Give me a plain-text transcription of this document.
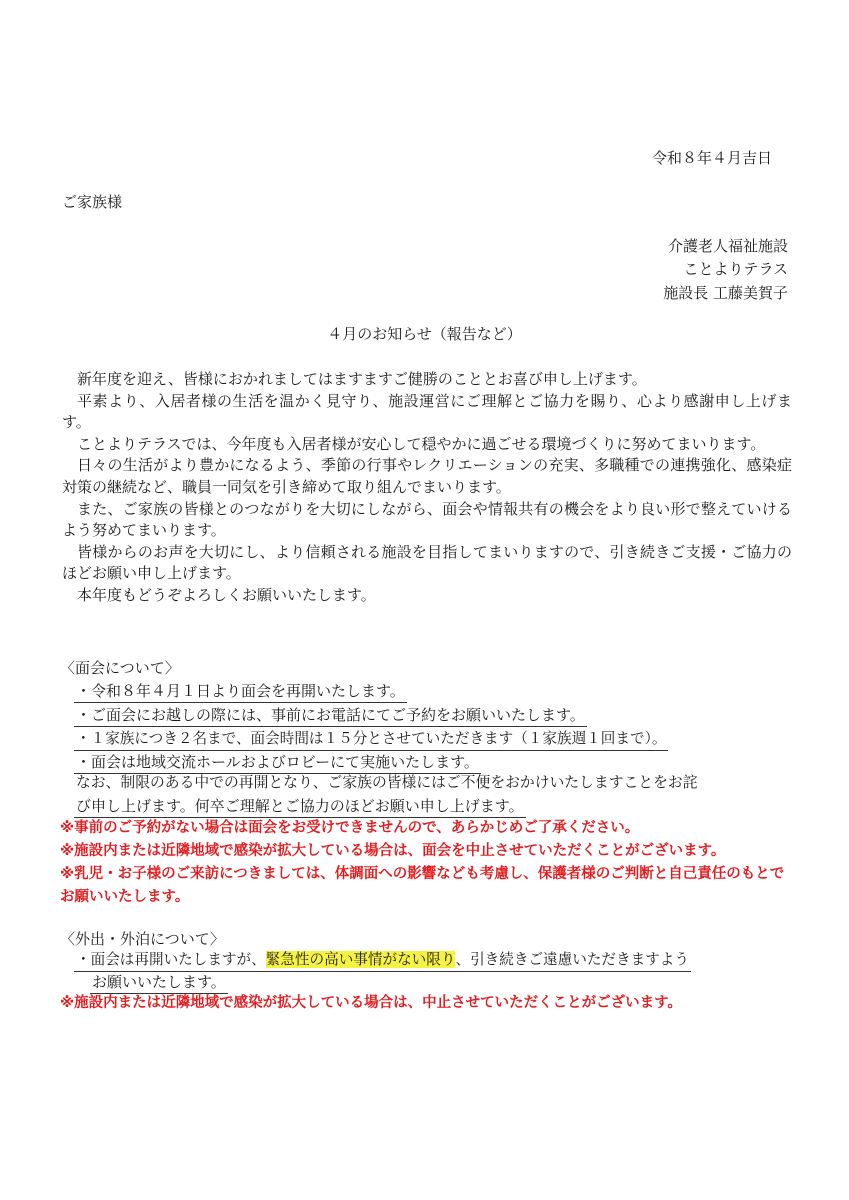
令和８年４月吉日
ご家族様
介護老人福祉施設
ことよりテラス
施設長 工藤美賀子
４月のお知らせ（報告など）

新年度を迎え、皆様におかれましてはますますご健勝のこととお喜び申し上げます。

平素より、入居者様の生活を温かく見守り、施設運営にご理解とご協力を賜り、心より感謝申し上げます。

ことよりテラスでは、今年度も入居者様が安心して穏やかに過ごせる環境づくりに努めてまいります。

日々の生活がより豊かになるよう、季節の行事やレクリエーションの充実、多職種での連携強化、感染症対策の継続など、職員一同気を引き締めて取り組んでまいります。

また、ご家族の皆様とのつながりを大切にしながら、面会や情報共有の機会をより良い形で整えていけるよう努めてまいります。

皆様からのお声を大切にし、より信頼される施設を目指してまいりますので、引き続きご支援・ご協力のほどお願い申し上げます。

本年度もどうぞよろしくお願いいたします。

〈面会について〉
・令和８年４月１日より面会を再開いたします。
・ご面会にお越しの際には、事前にお電話にてご予約をお願いいたします。
・１家族につき２名まで、面会時間は１５分とさせていただきます（１家族週１回まで）。
・面会は地域交流ホールおよびロビーにて実施いたします。
なお、制限のある中での再開となり、ご家族の皆様にはご不便をおかけいたしますことをお詫
び申し上げます。何卒ご理解とご協力のほどお願い申し上げます。
※事前のご予約がない場合は面会をお受けできませんので、あらかじめご了承ください。
※施設内または近隣地域で感染が拡大している場合は、面会を中止させていただくことがございます。
※乳児・お子様のご来訪につきましては、体調面への影響なども考慮し、保護者様のご判断と自己責任のもとでお願いいたします。
〈外出・外泊について〉
・面会は再開いたしますが、緊急性の高い事情がない限り、引き続きご遠慮いただきますよう
お願いいたします。
※施設内または近隣地域で感染が拡大している場合は、中止させていただくことがございます。
